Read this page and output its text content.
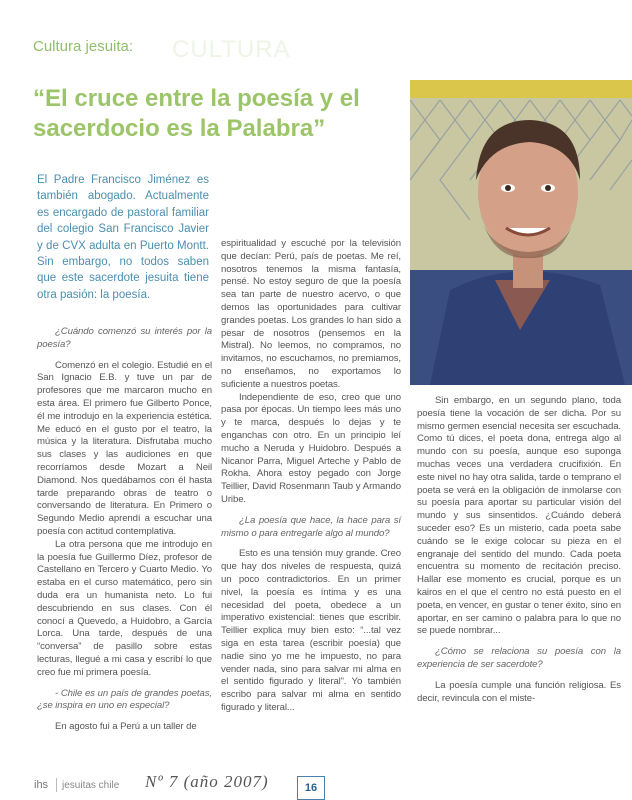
CULTURA
Cultura jesuita:
“El cruce entre la poesía y el sacerdocio es la Palabra”
El Padre Francisco Jiménez es también abogado. Actualmente es encargado de pastoral familiar del colegio San Francisco Javier y de CVX adulta en Puerto Montt. Sin embargo, no todos saben que este sacerdote jesuita tiene otra pasión: la poesía.

¿Cuándo comenzó su interés por la poesía?

Comenzó en el colegio. Estudié en el San Ignacio E.B. y tuve un par de profesores que me marcaron mucho en esta área. El primero fue Gilberto Ponce, él me introdujo en la experiencia estética. Me educó en el gusto por el teatro, la música y la literatura. Disfrutaba mucho sus clases y las audiciones en que recorríamos desde Mozart a Neil Diamond. Nos quedábamos con él hasta tarde preparando obras de teatro o conversando de literatura. En Primero o Segundo Medio aprendí a escuchar una poesía con actitud contemplativa.

La otra persona que me introdujo en la poesía fue Guillermo Díez, profesor de Castellano en Tercero y Cuarto Medio. Yo estaba en el curso matemático, pero sin duda era un humanista neto. Lo fui descubriendo en sus clases. Con él conocí a Quevedo, a Huidobro, a García Lorca. Una tarde, después de una “conversa” de pasillo sobre estas lecturas, llegué a mi casa y escribí lo que creo fue mi primera poesía.

- Chile es un país de grandes poetas, ¿se inspira en uno en especial?

En agosto fui a Perú a un taller de

espiritualidad y escuché por la televisión que decían: Perú, país de poetas. Me reí, nosotros tenemos la misma fantasía, pensé. No estoy seguro de que la poesía sea tan parte de nuestro acervo, o que demos las oportunidades para cultivar grandes poetas. Los grandes lo han sido a pesar de nosotros (pensemos en la Mistral). No leemos, no compramos, no invitamos, no escuchamos, no premiamos, no enseñamos, no exportamos lo suficiente a nuestros poetas.

Independiente de eso, creo que uno pasa por épocas. Un tiempo lees más uno y te marca, después lo dejas y te enganchas con otro. En un principio leí mucho a Neruda y Huidobro. Después a Nicanor Parra, Miguel Arteche y Pablo de Rokha. Ahora estoy pegado con Jorge Teillier, David Rosenmann Taub y Armando Uribe.

¿La poesía que hace, la hace para sí mismo o para entregarle algo al mundo?

Esto es una tensión muy grande. Creo que hay dos niveles de respuesta, quizá un poco contradictorios. En un primer nivel, la poesía es íntima y es una necesidad del poeta, obedece a un imperativo existencial: tienes que escribir. Teillier explica muy bien esto: “...tal vez siga en esta tarea (escribir poesía) que nadie sino yo me he impuesto, no para vender nada, sino para salvar mi alma en el sentido figurado y literal”. Yo también escribo para salvar mi alma en sentido figurado y literal...

Sin embargo, en un segundo plano, toda poesía tiene la vocación de ser dicha. Por su mismo germen esencial necesita ser escuchada. Como tú dices, el poeta dona, entrega algo al mundo con su poesía, aunque eso suponga muchas veces una verdadera crucifixión. En este nivel no hay otra salida, tarde o temprano el poeta se verá en la obligación de inmolarse con su poesía para aportar su particular visión del mundo y sus sinsentidos. ¿Cuándo deberá suceder eso? Es un misterio, cada poeta sabe cuándo se le exige colocar su pieza en el engranaje del sentido del mundo. Cada poeta encuentra su momento de recitación preciso. Hallar ese momento es crucial, porque es un kairos en el que el centro no está puesto en el poeta, en vencer, en gustar o tener éxito, sino en aportar, en ser camino o palabra para lo que no se puede nombrar...

¿Cómo se relaciona su poesía con la experiencia de ser sacerdote?

La poesía cumple una función religiosa. Es decir, revincula con el miste-

ihs jesuitas chile Nº 7 (año 2007)	16
